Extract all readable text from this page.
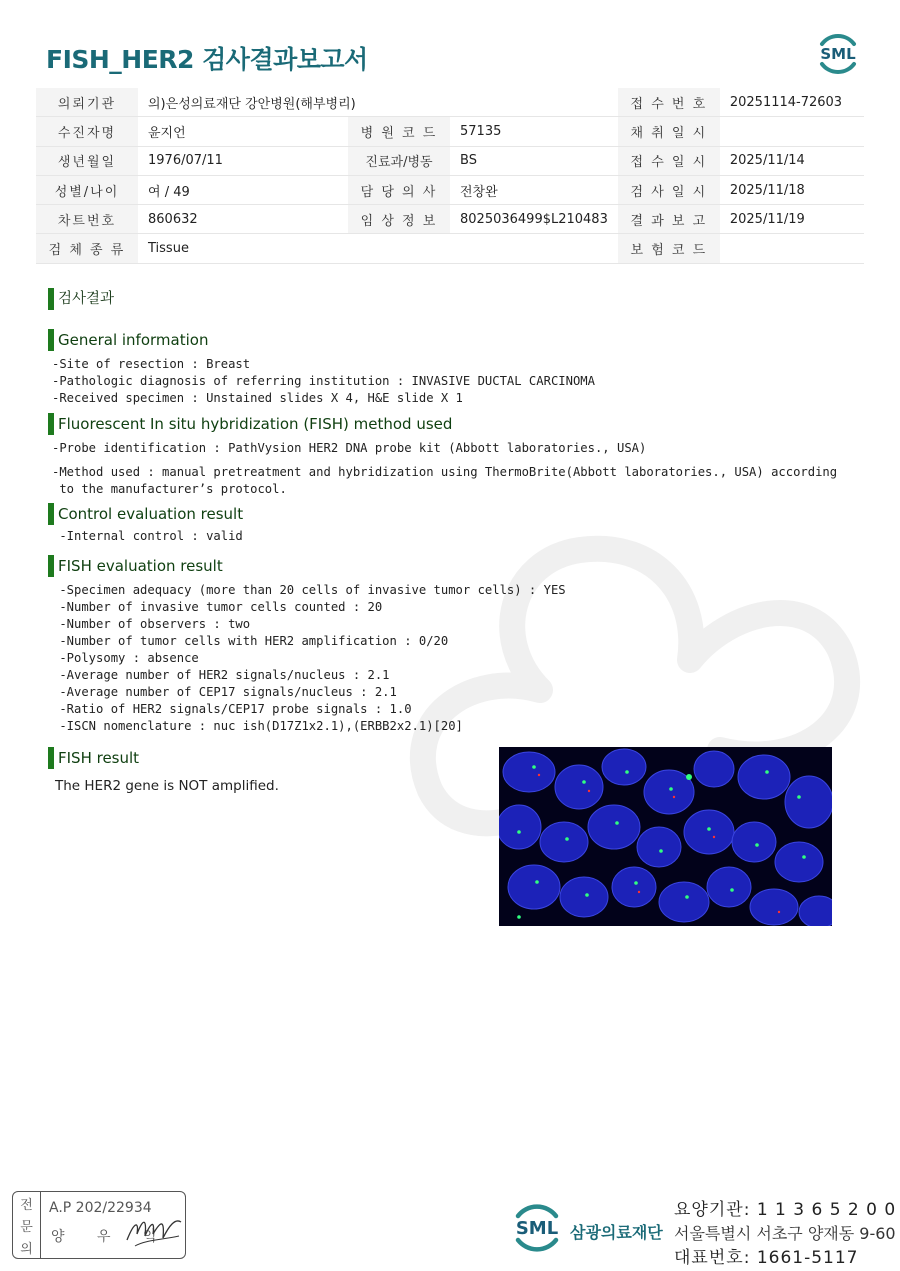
FISH_HER2 검사결과보고서	SML
의뢰기관	의)은성의료재단 강안병원(해부병리)			접 수 번 호	20251114-72603
수진자명	윤지언	병 원 코 드	57135	채 취 일 시	
생년월일	1976/07/11	진료과/병동	BS	접 수 일 시	2025/11/14
성별/나이	여 / 49	담 당 의 사	전창완	검 사 일 시	2025/11/18
차트번호	860632	임 상 정 보	8025036499$L210483	결 과 보 고	2025/11/19
검 체 종 류	Tissue			보 험 코 드	
검사결과
General information
-Site of resection : Breast
-Pathologic diagnosis of referring institution : INVASIVE DUCTAL CARCINOMA
-Received specimen : Unstained slides X 4, H&E slide X 1
Fluorescent In situ hybridization (FISH) method used
-Probe identification : PathVysion HER2 DNA probe kit (Abbott laboratories., USA)
-Method used : manual pretreatment and hybridization using ThermoBrite(Abbott laboratories., USA) according
to the manufacturer’s protocol.
Control evaluation result
-Internal control : valid
FISH evaluation result
-Specimen adequacy (more than 20 cells of invasive tumor cells) : YES
-Number of invasive tumor cells counted : 20
-Number of observers : two
-Number of tumor cells with HER2 amplification : 0/20
-Polysomy : absence
-Average number of HER2 signals/nucleus : 2.1
-Average number of CEP17 signals/nucleus : 2.1
-Ratio of HER2 signals/CEP17 probe signals : 1.0
-ISCN nomenclature : nuc ish(D17Z1x2.1),(ERBB2x2.1)[20]
FISH result
The HER2 gene is NOT amplified.
전
문
의
A.P 202/22934
양 우 익	SML 삼광의료재단
요양기관: 1 1 3 6 5 2 0 0
서울특별시 서초구 양재동 9-60
대표번호: 1661-5117
